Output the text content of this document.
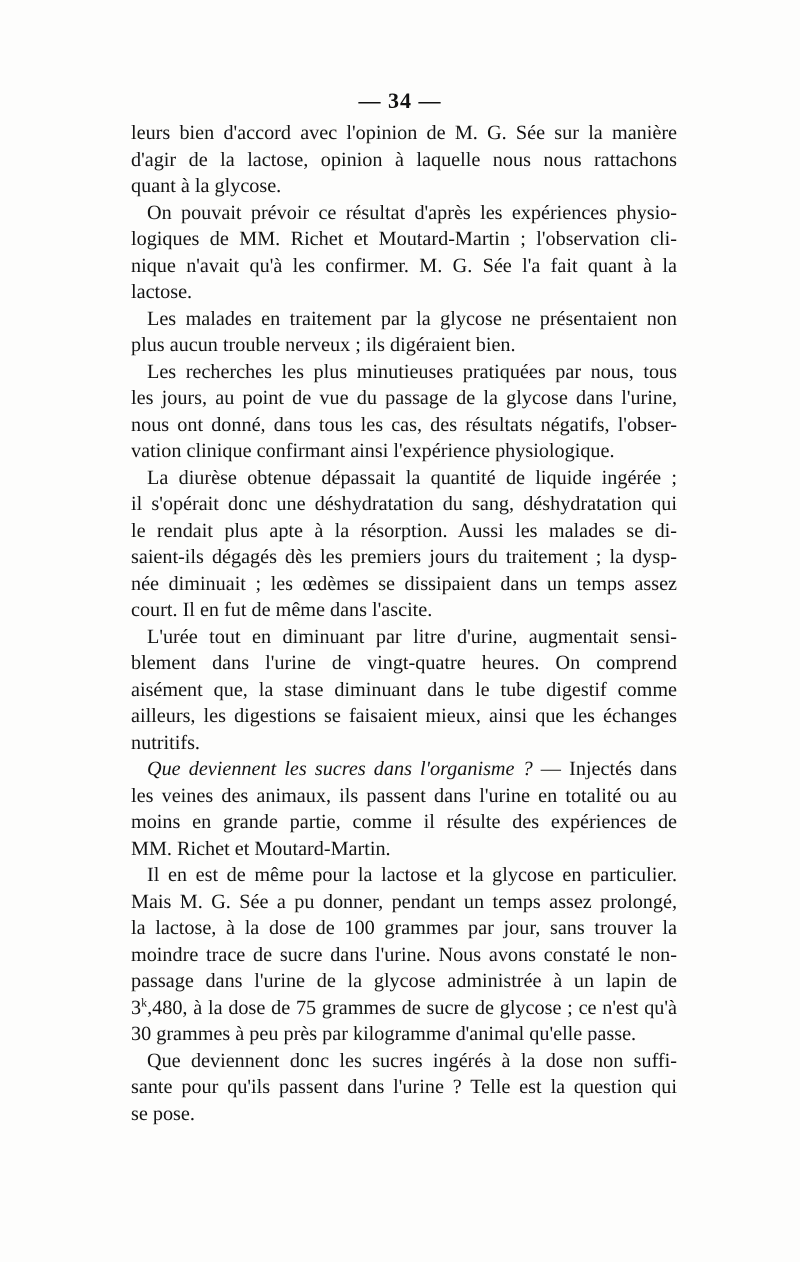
— 34 —
leurs bien d'accord avec l'opinion de M. G. Sée sur la manière
d'agir de la lactose, opinion à laquelle nous nous rattachons
quant à la glycose.
On pouvait prévoir ce résultat d'après les expériences physio-
logiques de MM. Richet et Moutard-Martin ; l'observation cli-
nique n'avait qu'à les confirmer. M. G. Sée l'a fait quant à la
lactose.
Les malades en traitement par la glycose ne présentaient non
plus aucun trouble nerveux ; ils digéraient bien.
Les recherches les plus minutieuses pratiquées par nous, tous
les jours, au point de vue du passage de la glycose dans l'urine,
nous ont donné, dans tous les cas, des résultats négatifs, l'obser-
vation clinique confirmant ainsi l'expérience physiologique.
La diurèse obtenue dépassait la quantité de liquide ingérée ;
il s'opérait donc une déshydratation du sang, déshydratation qui
le rendait plus apte à la résorption. Aussi les malades se di-
saient-ils dégagés dès les premiers jours du traitement ; la dysp-
née diminuait ; les œdèmes se dissipaient dans un temps assez
court. Il en fut de même dans l'ascite.
L'urée tout en diminuant par litre d'urine, augmentait sensi-
blement dans l'urine de vingt-quatre heures. On comprend
aisément que, la stase diminuant dans le tube digestif comme
ailleurs, les digestions se faisaient mieux, ainsi que les échanges
nutritifs.
Que deviennent les sucres dans l'organisme ? — Injectés dans
les veines des animaux, ils passent dans l'urine en totalité ou au
moins en grande partie, comme il résulte des expériences de
MM. Richet et Moutard-Martin.
Il en est de même pour la lactose et la glycose en particulier.
Mais M. G. Sée a pu donner, pendant un temps assez prolongé,
la lactose, à la dose de 100 grammes par jour, sans trouver la
moindre trace de sucre dans l'urine. Nous avons constaté le non-
passage dans l'urine de la glycose administrée à un lapin de
3$^k$,480, à la dose de 75 grammes de sucre de glycose ; ce n'est qu'à
30 grammes à peu près par kilogramme d'animal qu'elle passe.
Que deviennent donc les sucres ingérés à la dose non suffi-
sante pour qu'ils passent dans l'urine ? Telle est la question qui
se pose.
